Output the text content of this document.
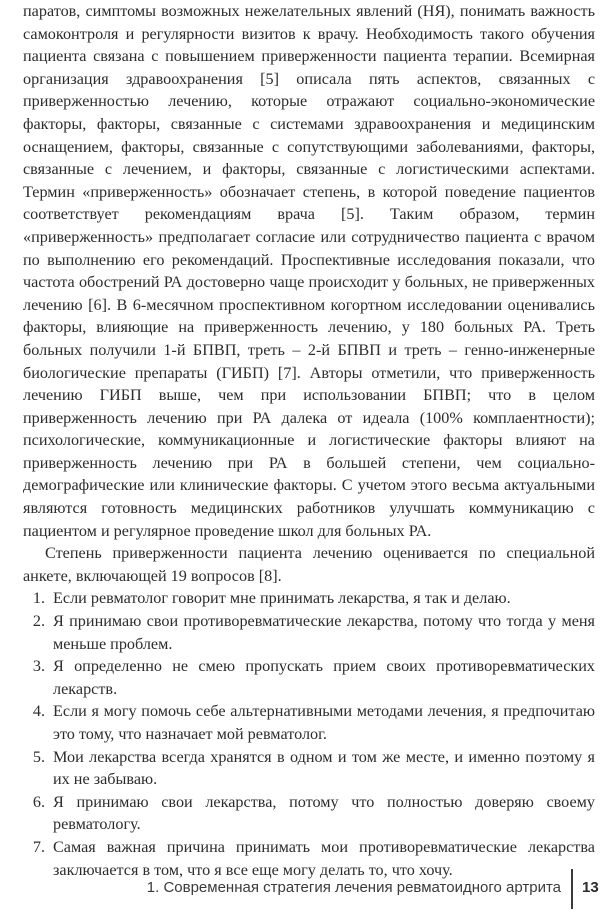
паратов, симптомы возможных нежелательных явлений (НЯ), понимать важность самоконтроля и регулярности визитов к врачу. Необходимость такого обучения пациента связана с повышением приверженности пациента терапии. Всемирная организация здравоохранения [5] описала пять аспектов, связанных с приверженностью лечению, которые отражают социально-экономические факторы, факторы, связанные с системами здравоохранения и медицинским оснащением, факторы, связанные с сопутствующими заболеваниями, факторы, связанные с лечением, и факторы, связанные с логистическими аспектами. Термин «приверженность» обозначает степень, в которой поведение пациентов соответствует рекомендациям врача [5]. Таким образом, термин «приверженность» предполагает согласие или сотрудничество пациента с врачом по выполнению его рекомендаций. Проспективные исследования показали, что частота обострений РА достоверно чаще происходит у больных, не приверженных лечению [6]. В 6-месячном проспективном когортном исследовании оценивались факторы, влияющие на приверженность лечению, у 180 больных РА. Треть больных получили 1-й БПВП, треть – 2-й БПВП и треть – генно-инженерные биологические препараты (ГИБП) [7]. Авторы отметили, что приверженность лечению ГИБП выше, чем при использовании БПВП; что в целом приверженность лечению при РА далека от идеала (100% комплаентности); психологические, коммуникационные и логистические факторы влияют на приверженность лечению при РА в большей степени, чем социально-демографические или клинические факторы. С учетом этого весьма актуальными являются готовность медицинских работников улучшать коммуникацию с пациентом и регулярное проведение школ для больных РА.

Степень приверженности пациента лечению оценивается по специальной анкете, включающей 19 вопросов [8].

1. Если ревматолог говорит мне принимать лекарства, я так и делаю.
2. Я принимаю свои противоревматические лекарства, потому что тогда у меня меньше проблем.
3. Я определенно не смею пропускать прием своих противоревматических лекарств.
4. Если я могу помочь себе альтернативными методами лечения, я предпочитаю это тому, что назначает мой ревматолог.
5. Мои лекарства всегда хранятся в одном и том же месте, и именно поэтому я их не забываю.
6. Я принимаю свои лекарства, потому что полностью доверяю своему ревматологу.
7. Самая важная причина принимать мои противоревматические лекарства заключается в том, что я все еще могу делать то, что хочу.
1. Современная стратегия лечения ревматоидного артрита 13
